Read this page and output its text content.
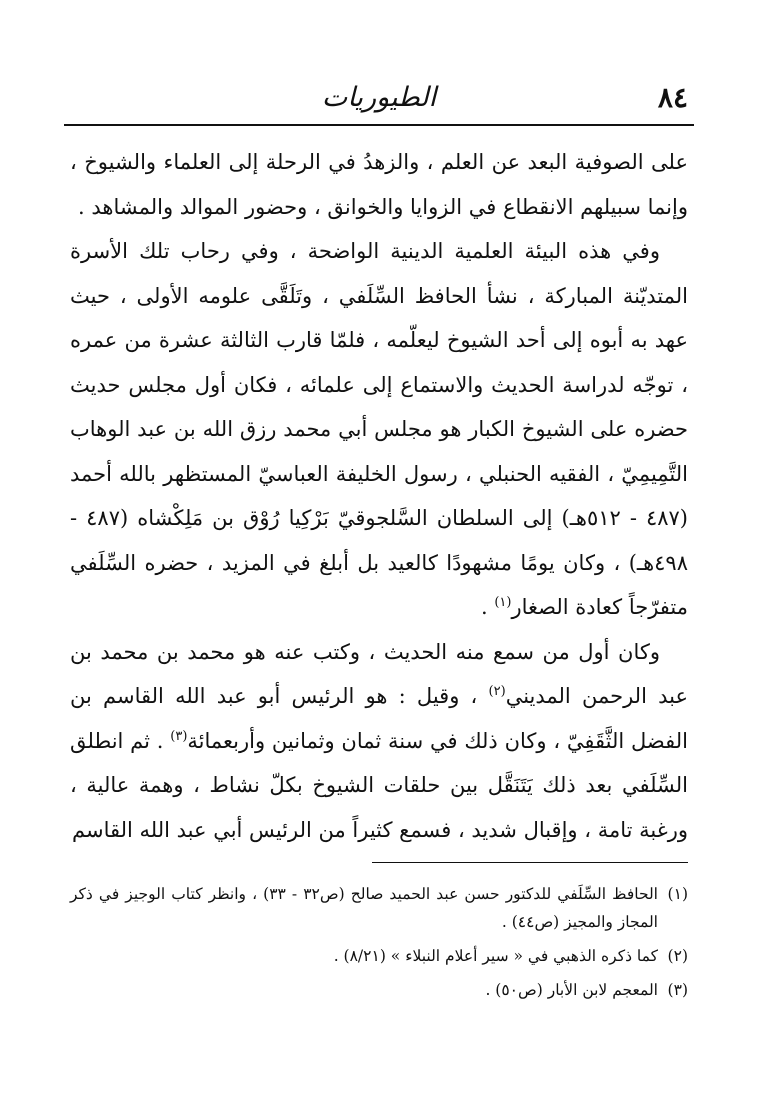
٨٤
الطيوريات

على الصوفية البعد عن العلم ، والزهدُ في الرحلة إلى العلماء والشيوخ ، وإنما سبيلهم الانقطاع في الزوايا والخوانق ، وحضور الموالد والمشاهد .

وفي هذه البيئة العلمية الدينية الواضحة ، وفي رحاب تلك الأسرة المتديّنة المباركة ، نشأ الحافظ السِّلَفي ، وتَلَقَّى علومه الأولى ، حيث عهد به أبوه إلى أحد الشيوخ ليعلّمه ، فلمّا قارب الثالثة عشرة من عمره ، توجّه لدراسة الحديث والاستماع إلى علمائه ، فكان أول مجلس حديث حضره على الشيوخ الكبار هو مجلس أبي محمد رزق الله بن عبد الوهاب التَّمِيمِيّ ، الفقيه الحنبلي ، رسول الخليفة العباسيّ المستظهر بالله أحمد (٤٨٧ - ٥١٢هـ) إلى السلطان السَّلجوقيّ بَرْكِيا رُوْق بن مَلِكْشاه (٤٨٧ - ٤٩٨هـ) ، وكان يومًا مشهودًا كالعيد بل أبلغ في المزيد ، حضره السِّلَفي متفرّجاً كعادة الصغار$^{(١)}$ .

وكان أول من سمع منه الحديث ، وكتب عنه هو محمد بن محمد بن عبد الرحمن المديني$^{(٢)}$ ، وقيل : هو الرئيس أبو عبد الله القاسم بن الفضل الثَّقَفِيّ ، وكان ذلك في سنة ثمان وثمانين وأربعمائة$^{(٣)}$ . ثم انطلق السِّلَفي بعد ذلك يَتَنَقَّل بين حلقات الشيوخ بكلّ نشاط ، وهمة عالية ، ورغبة تامة ، وإقبال شديد ، فسمع كثيراً من الرئيس أبي عبد الله القاسم

(١)
الحافظ السِّلَفي للدكتور حسن عبد الحميد صالح (ص٣٢ - ٣٣) ، وانظر كتاب الوجيز في ذكر المجاز والمجيز (ص٤٤) .
(٢)
كما ذكره الذهبي في « سير أعلام النبلاء » (٨/٢١) .
(٣)
المعجم لابن الأبار (ص٥٠) .
